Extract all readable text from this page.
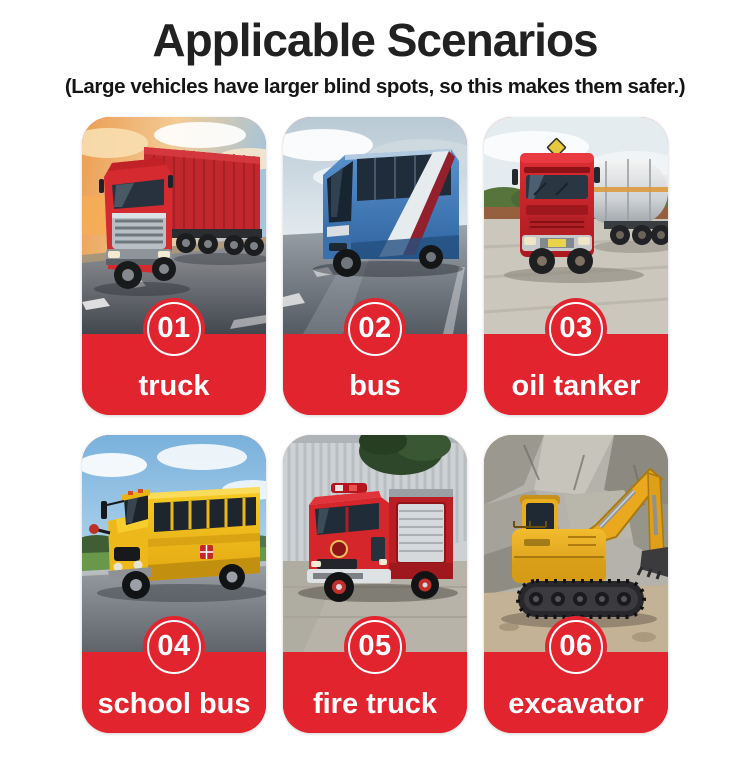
Applicable Scenarios

(Large vehicles have larger blind spots, so this makes them safer.)

01
truck
02
bus
03
oil tanker
04
school bus
05
fire truck
06
excavator
